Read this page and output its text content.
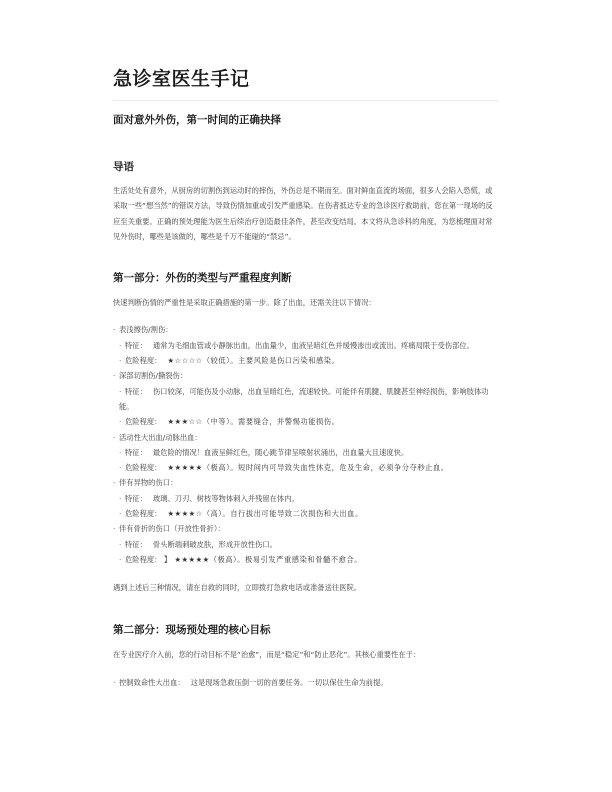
急诊室医生手记
面对意外外伤，第一时间的正确抉择
导语

生活处处有意外，从厨房的切割伤到运动时的摔伤，外伤总是不期而至。面对鲜血直流的场面，很多人会陷入恐慌，或采取一些“想当然”的错误方法，导致伤情加重或引发严重感染。在伤者抵达专业的急诊医疗救助前，您在第一现场的反应至关重要。正确的预处理能为医生后续治疗创造最佳条件，甚至改变结局。本文将从急诊科的角度，为您梳理面对常见外伤时，哪些是该做的，哪些是千万不能碰的“禁忌”。

第一部分：外伤的类型与严重程度判断

快速判断伤情的严重性是采取正确措施的第一步。除了出血，还需关注以下情况：

· 表浅擦伤/割伤：

· 特征： 通常为毛细血管或小静脉出血，出血量少，血液呈暗红色并缓慢渗出或流出。疼痛局限于受伤部位。

· 危险程度： ★☆☆☆☆（较低）。主要风险是伤口污染和感染。

· 深部切割伤/撕裂伤：

· 特征： 伤口较深，可能伤及小动脉，出血呈暗红色，流速较快。可能伴有肌腱、肌腱甚至神经损伤，影响肢体功能。

· 危险程度： ★★★☆☆（中等）。需要缝合，并警惕功能损伤。

· 活动性大出血/动脉出血：

· 特征： 最危险的情况！血液呈鲜红色，随心跳节律呈喷射状涌出，出血量大且速度快。

· 危险程度： ★★★★★（极高）。短时间内可导致失血性休克，危及生命，必须争分夺秒止血。

· 伴有异物的伤口：

· 特征： 玻璃、刀刃、树枝等物体刺入并残留在体内。

· 危险程度： ★★★★☆（高）。自行拔出可能导致二次损伤和大出血。

· 伴有骨折的伤口（开放性骨折）：

· 特征： 骨头断端刺破皮肤，形成开放性伤口。

· 危险程度： 】 ★★★★★（极高）。极易引发严重感染和骨髓不愈合。

遇到上述后三种情况，请在自救的同时，立即拨打急救电话或准备送往医院。

第二部分：现场预处理的核心目标

在专业医疗介入前，您的行动目标不是“治愈”，而是“稳定”和“防止恶化”。其核心重要性在于：

· 控制致命性大出血： 这是现场急救压倒一切的首要任务。一切以保住生命为前提。
